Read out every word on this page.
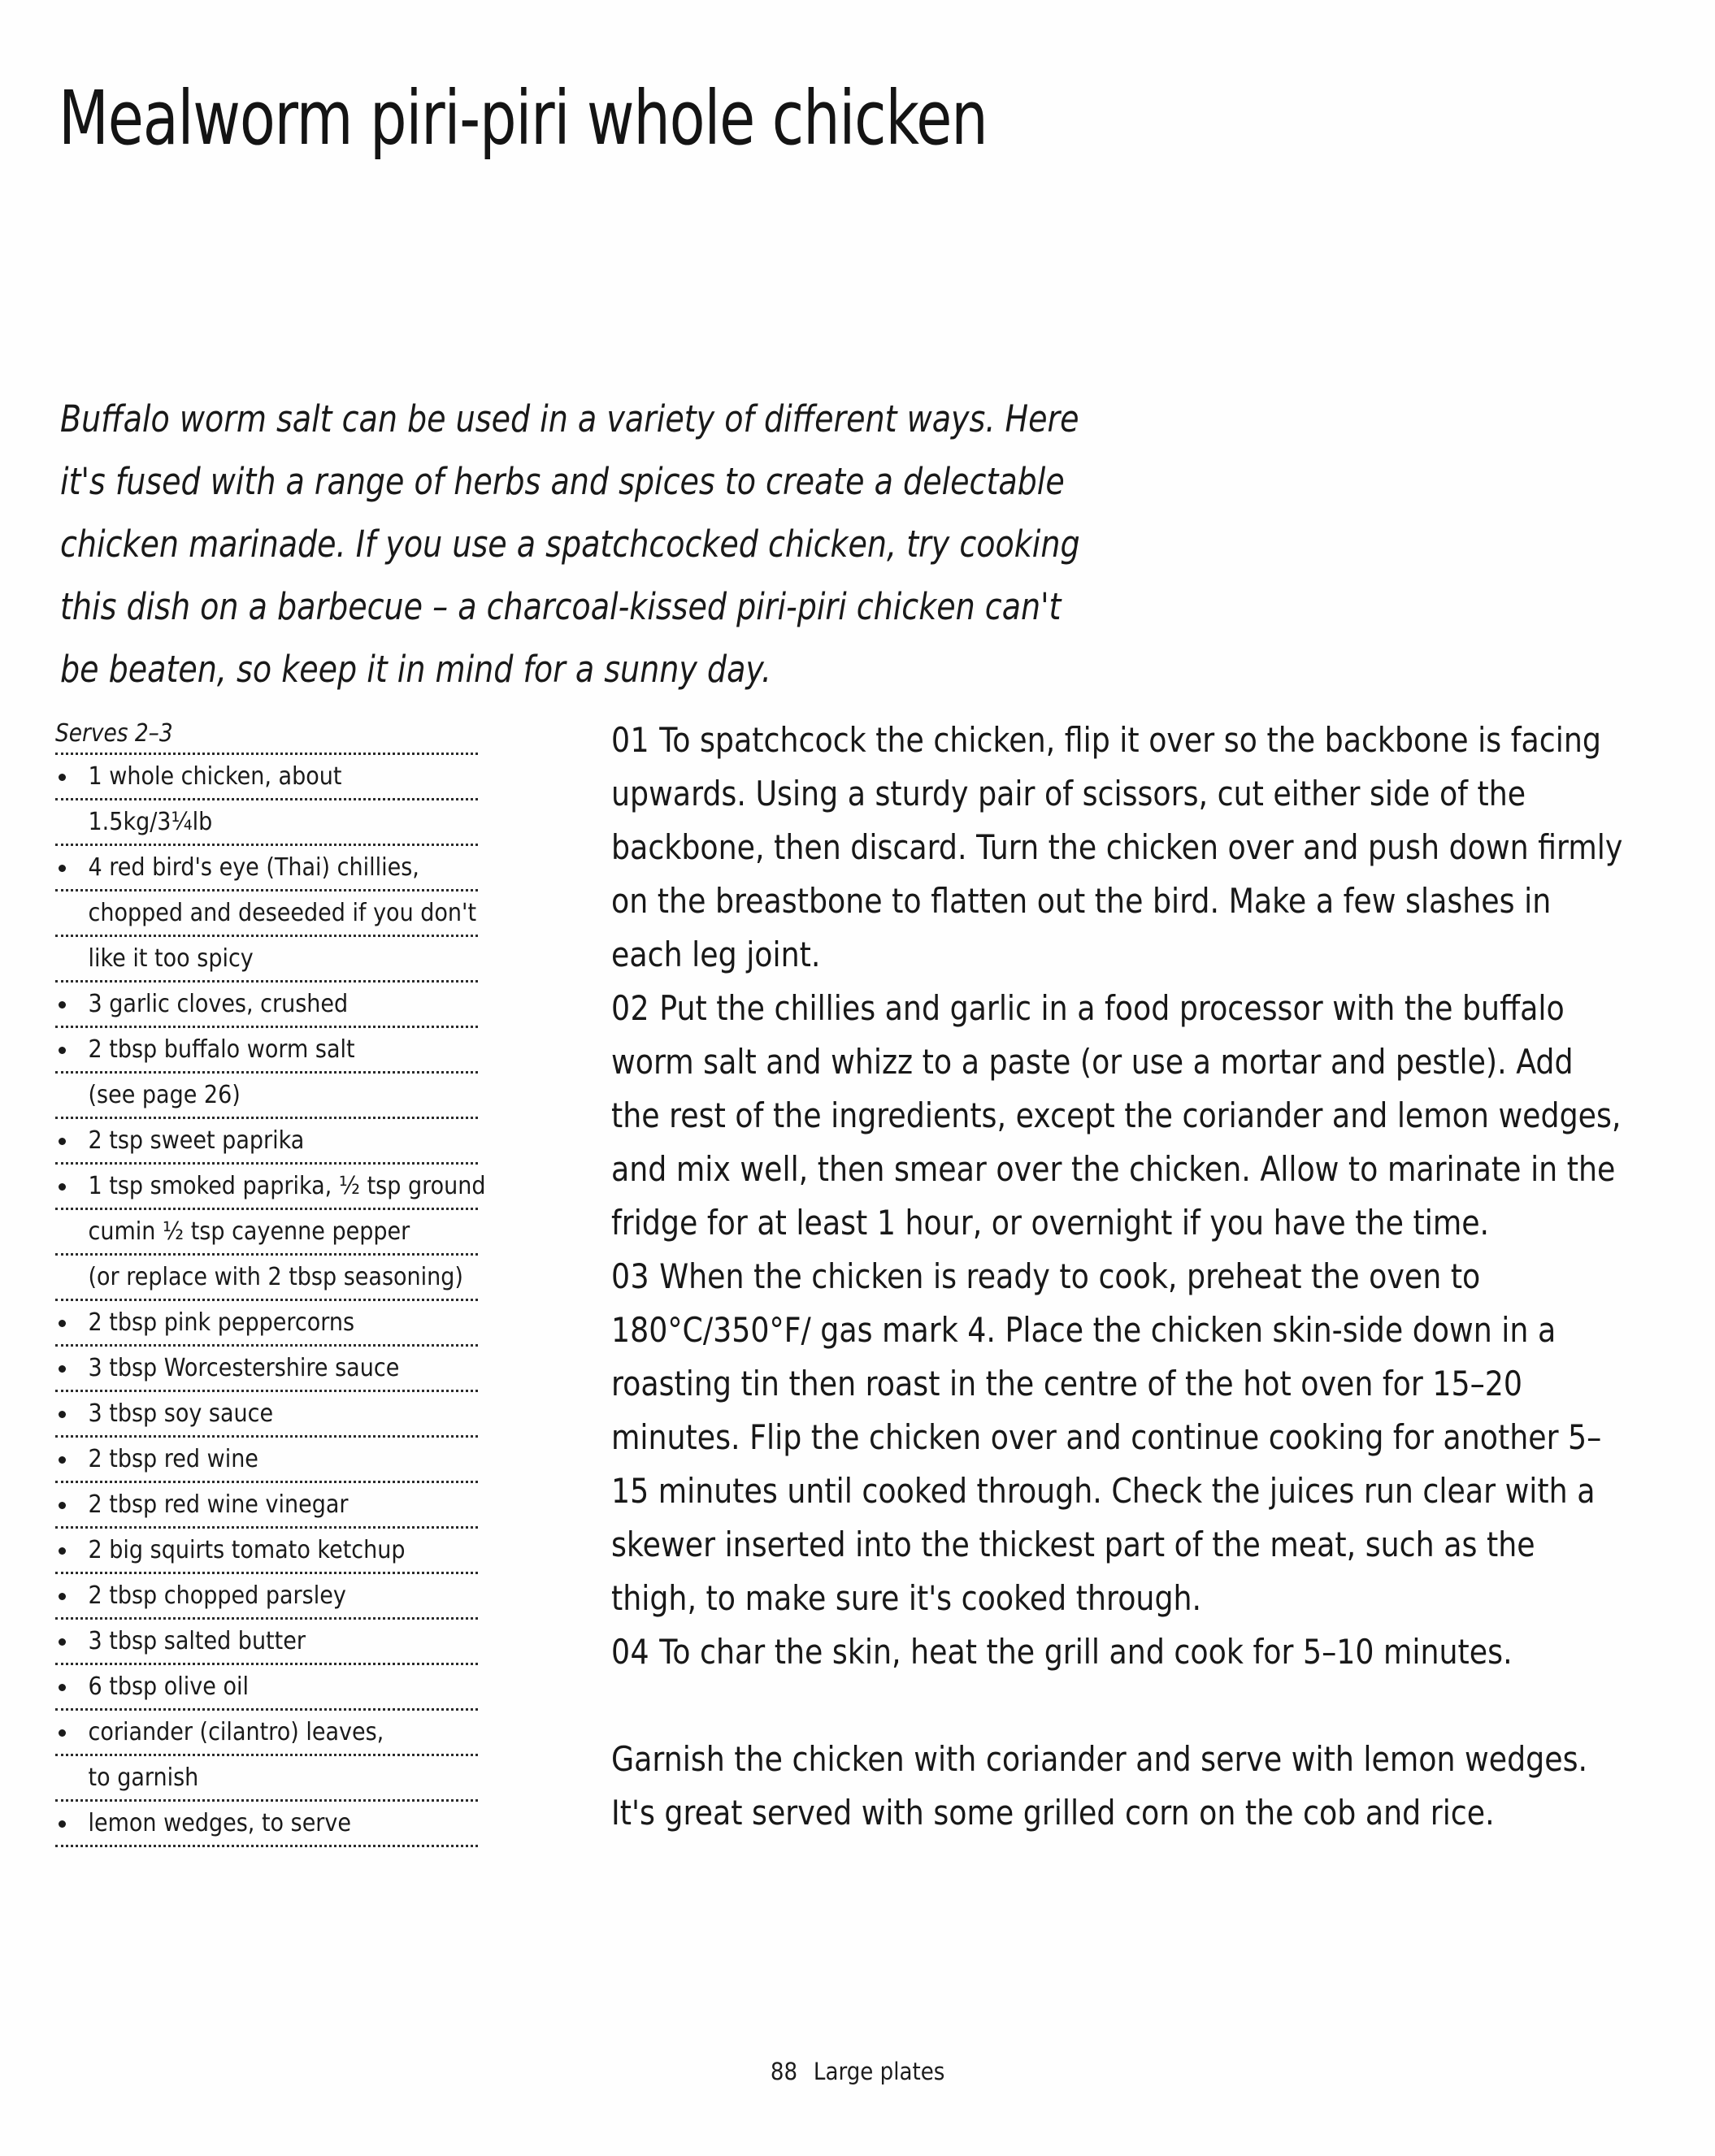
Mealworm piri-piri whole chicken

Buffalo worm salt can be used in a variety of different ways. Here it's fused with a range of herbs and spices to create a delectable chicken marinade. If you use a spatchcocked chicken, try cooking this dish on a barbecue – a charcoal-kissed piri-piri chicken can't be beaten, so keep it in mind for a sunny day.

Serves 2–3
1 whole chicken, about
1.5kg/3¼lb
4 red bird's eye (Thai) chillies,
chopped and deseeded if you don't
like it too spicy
3 garlic cloves, crushed
2 tbsp buffalo worm salt
(see page 26)
2 tsp sweet paprika
1 tsp smoked paprika, ½ tsp ground
cumin ½ tsp cayenne pepper
(or replace with 2 tbsp seasoning)
2 tbsp pink peppercorns
3 tbsp Worcestershire sauce
3 tbsp soy sauce
2 tbsp red wine
2 tbsp red wine vinegar
2 big squirts tomato ketchup
2 tbsp chopped parsley
3 tbsp salted butter
6 tbsp olive oil
coriander (cilantro) leaves,
to garnish
lemon wedges, to serve

01 To spatchcock the chicken, flip it over so the backbone is facing upwards. Using a sturdy pair of scissors, cut either side of the backbone, then discard. Turn the chicken over and push down firmly on the breastbone to flatten out the bird. Make a few slashes in each leg joint.

02 Put the chillies and garlic in a food processor with the buffalo worm salt and whizz to a paste (or use a mortar and pestle). Add the rest of the ingredients, except the coriander and lemon wedges, and mix well, then smear over the chicken. Allow to marinate in the fridge for at least 1 hour, or overnight if you have the time.

03 When the chicken is ready to cook, preheat the oven to 180°C/350°F/ gas mark 4. Place the chicken skin-side down in a roasting tin then roast in the centre of the hot oven for 15–20 minutes. Flip the chicken over and continue cooking for another 5–15 minutes until cooked through. Check the juices run clear with a skewer inserted into the thickest part of the meat, such as the thigh, to make sure it's cooked through.

04 To char the skin, heat the grill and cook for 5–10 minutes.

Garnish the chicken with coriander and serve with lemon wedges. It's great served with some grilled corn on the cob and rice.

88 Large plates
